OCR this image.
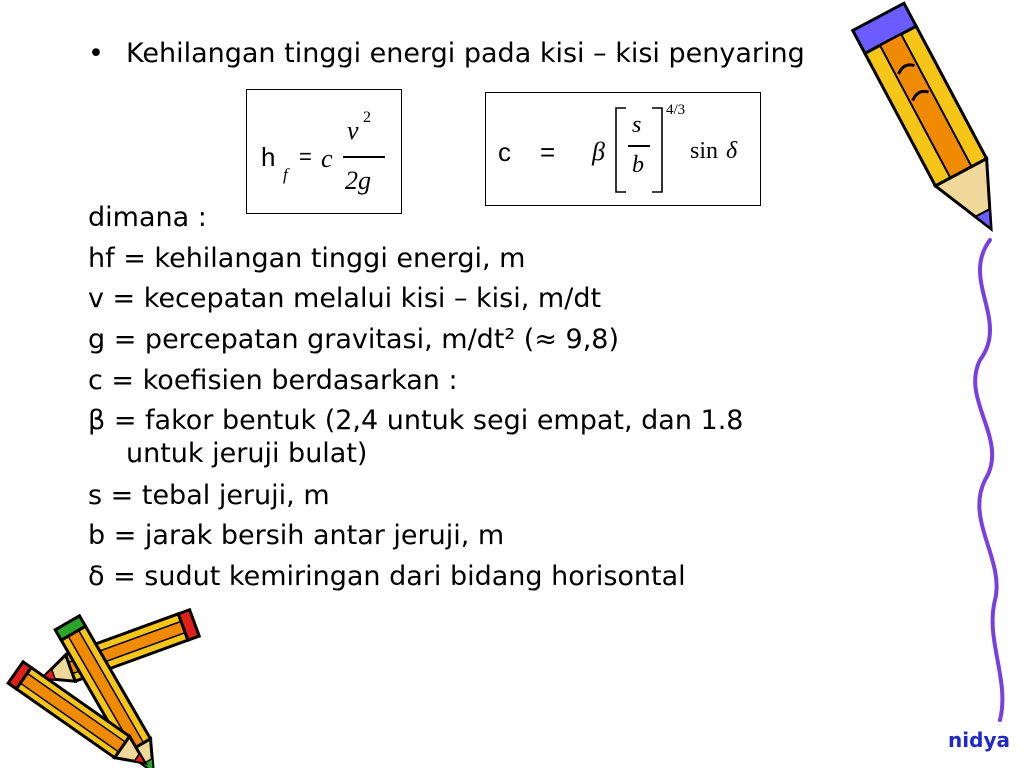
• Kehilangan tinggi energi pada kisi – kisi penyaring
h
f
= c
v 2
2g
c = β
s
b
4/3
sin δ
dimana :
hf = kehilangan tinggi energi, m
v = kecepatan melalui kisi – kisi, m/dt
g = percepatan gravitasi, m/dt² (≈ 9,8)
c = koefisien berdasarkan :
β = fakor bentuk (2,4 untuk segi empat, dan 1.8
untuk jeruji bulat)
s = tebal jeruji, m
b = jarak bersih antar jeruji, m
δ = sudut kemiringan dari bidang horisontal
nidya
